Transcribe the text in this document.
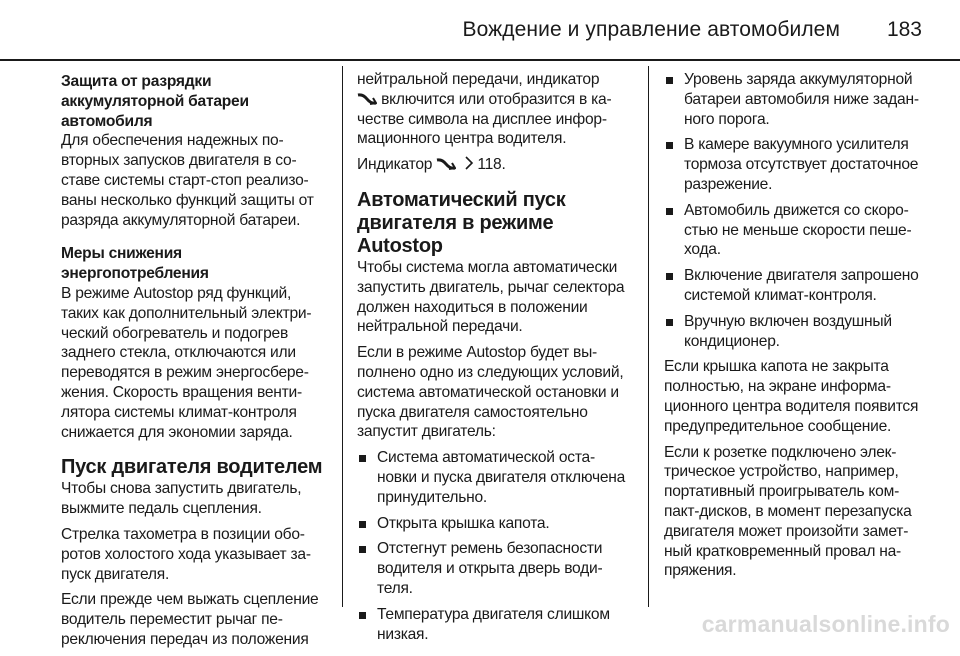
Вождение и управление автомобилем 183
Защита от разрядки аккумуляторной батареи автомобиля

Для обеспечения надежных повторных запусков двигателя в составе системы старт-стоп реализованы несколько функций защиты от разряда аккумуляторной батареи.

Меры снижения энергопотребления

В режиме Autostop ряд функций, таких как дополнительный электрический обогреватель и подогрев заднего стекла, отключаются или переводятся в режим энергосбережения. Скорость вращения вентилятора системы климат-контроля снижается для экономии заряда.

Пуск двигателя водителем

Чтобы снова запустить двигатель, выжмите педаль сцепления.

Стрелка тахометра в позиции оборотов холостого хода указывает запуск двигателя.

Если прежде чем выжать сцепление водитель переместит рычаг переключения передач из положения

нейтральной передачи, индикатор
включится или отобразится в качестве символа на дисплее информационного центра водителя.

Индикатор	118.

Автоматический пуск двигателя в режиме Autostop

Чтобы система могла автоматически запустить двигатель, рычаг селектора должен находиться в положении нейтральной передачи.

Если в режиме Autostop будет выполнено одно из следующих условий, система автоматической остановки и пуска двигателя самостоятельно запустит двигатель:

Система автоматической остановки и пуска двигателя отключена принудительно.
Открыта крышка капота.
Отстегнут ремень безопасности водителя и открыта дверь водителя.
Температура двигателя слишком низкая.
Уровень заряда аккумуляторной батареи автомобиля ниже заданного порога.
В камере вакуумного усилителя тормоза отсутствует достаточное разрежение.
Автомобиль движется со скоростью не меньше скорости пешехода.
Включение двигателя запрошено системой климат-контроля.
Вручную включен воздушный кондиционер.

Если крышка капота не закрыта полностью, на экране информационного центра водителя появится предупредительное сообщение.

Если к розетке подключено электрическое устройство, например, портативный проигрыватель компакт-дисков, в момент перезапуска двигателя может произойти заметный кратковременный провал напряжения.

carmanualsonline.info
